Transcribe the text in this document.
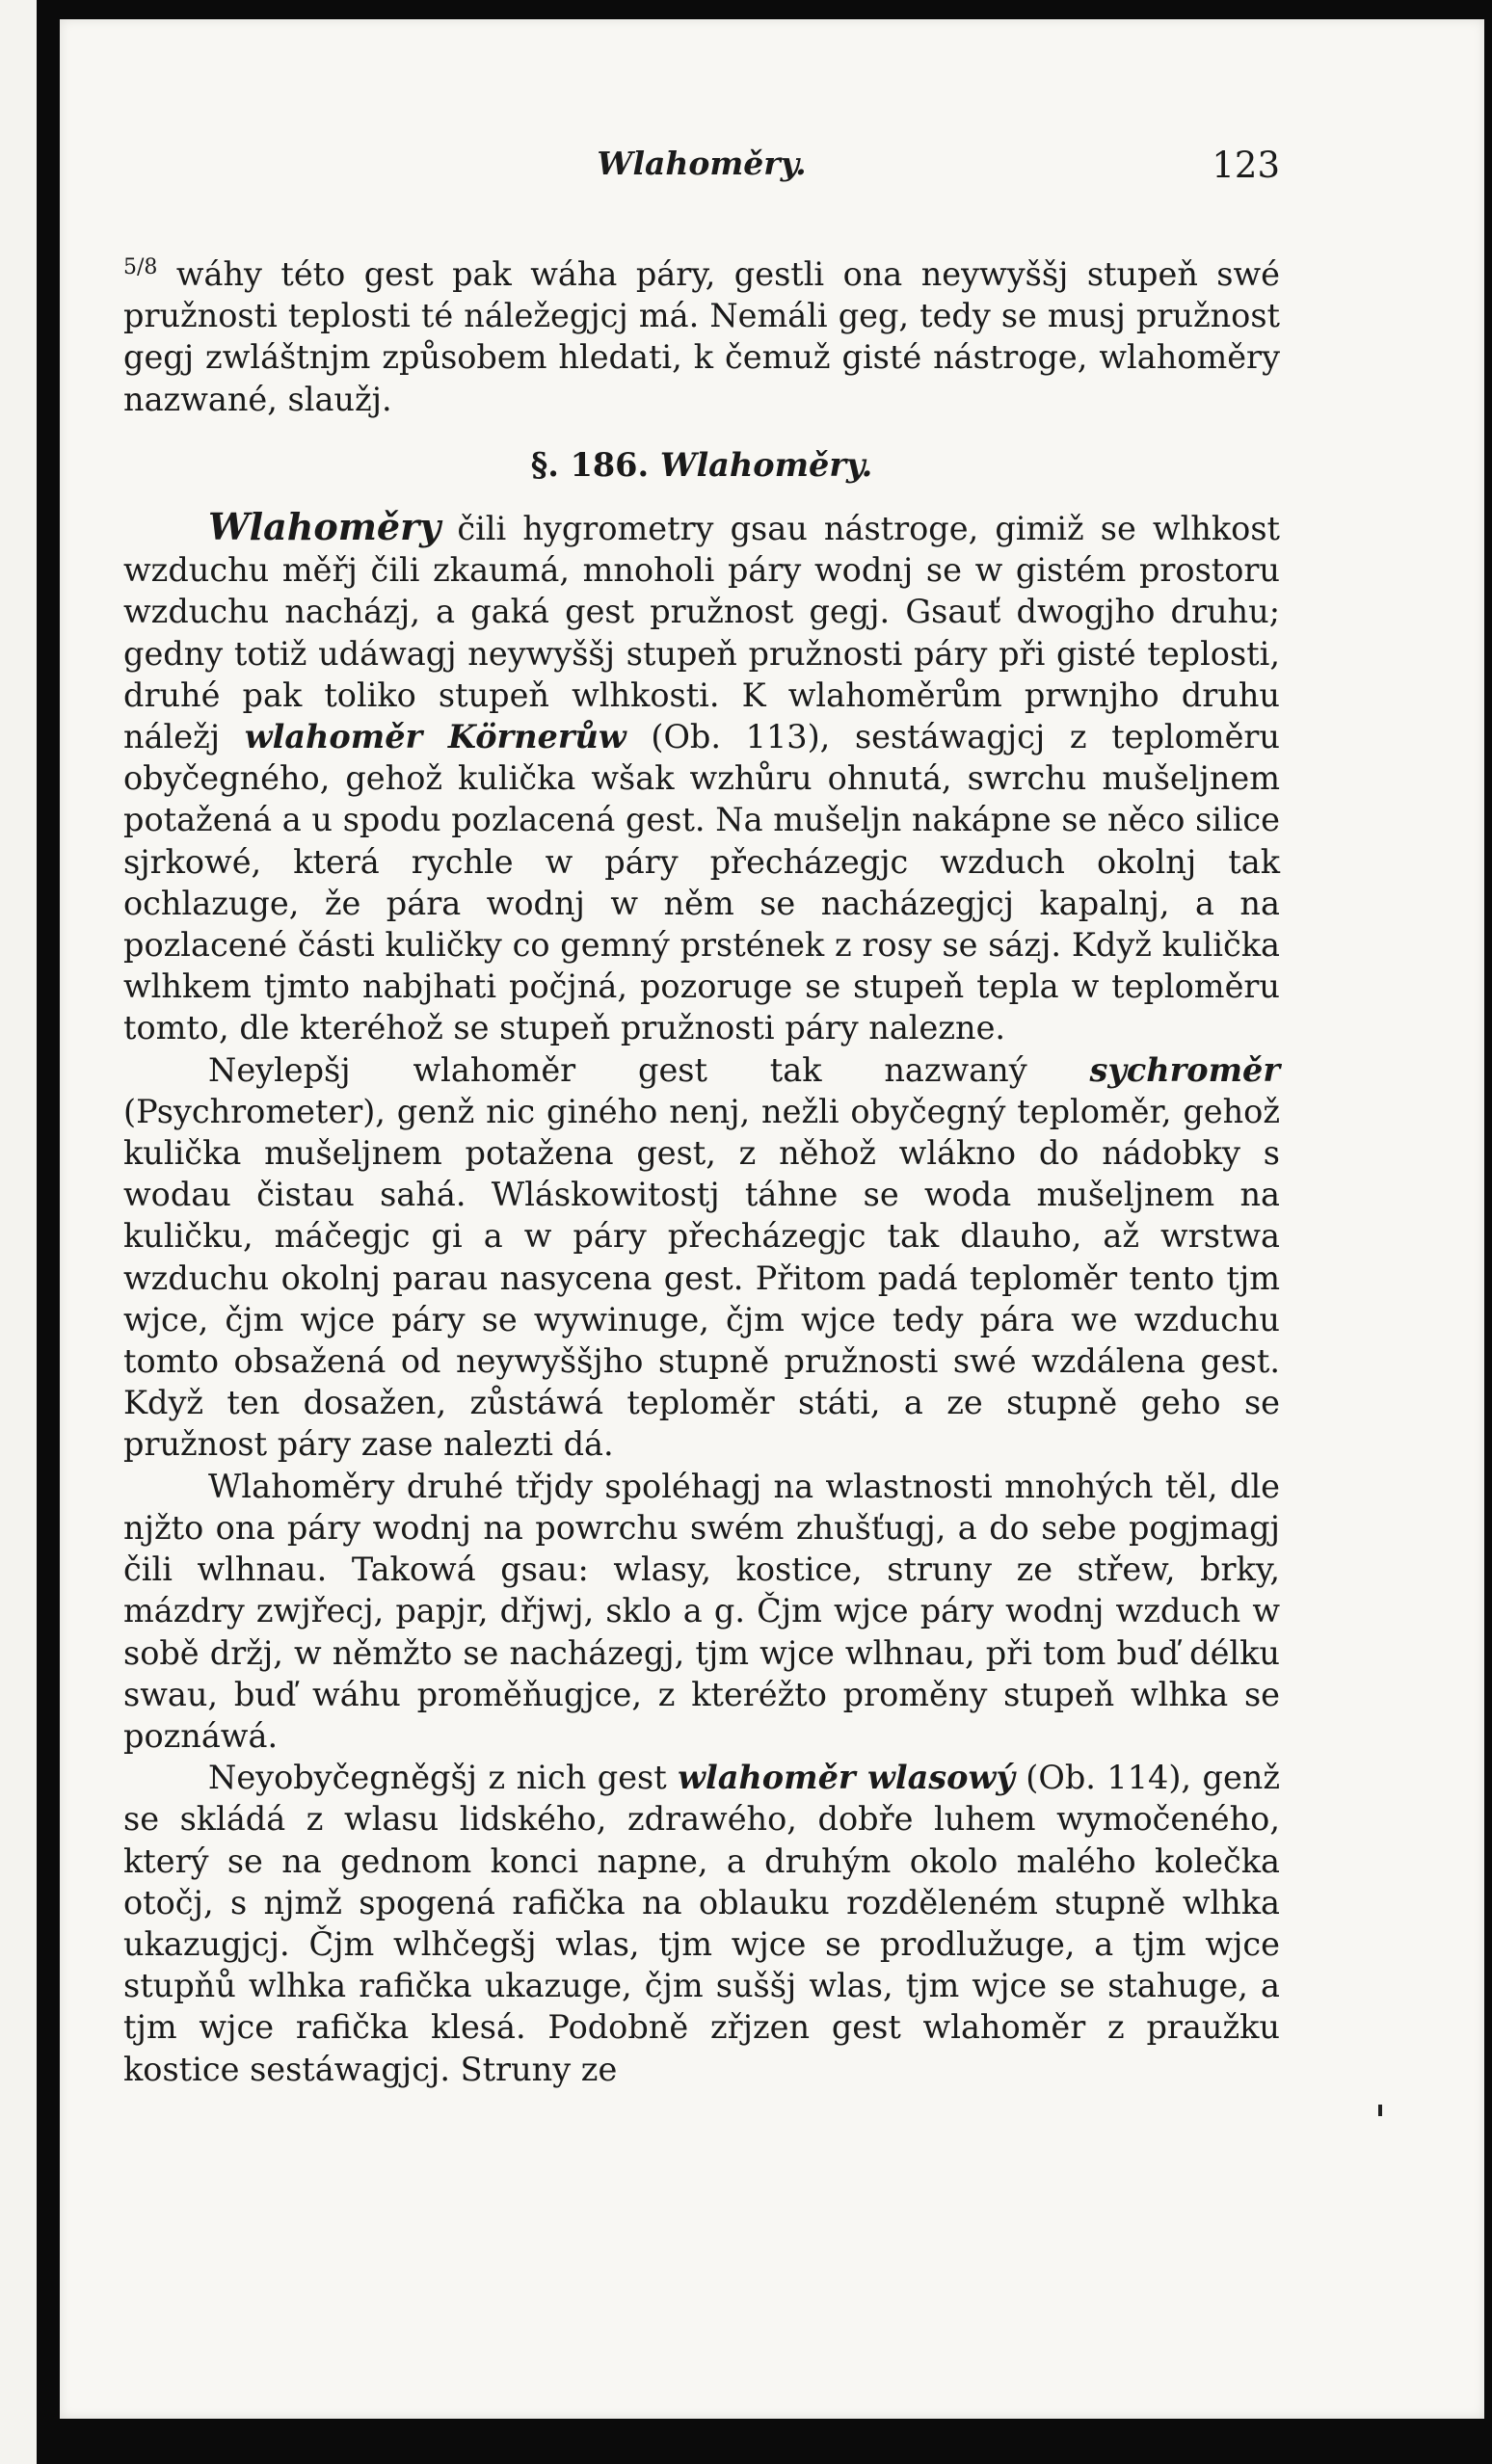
Wlahoměry.	123

$^{5/8}$ wáhy této gest pak wáha páry, gestli ona neywyššj stupeň swé pružnosti teplosti té náležegjcj má. Nemáli geg, tedy se musj pružnost gegj zwláštnjm způsobem hledati, k čemuž gisté nástroge, wlahoměry nazwané, slaužj.

§. 186. Wlahoměry.

Wlahoměry čili hygrometry gsau nástroge, gimiž se wlhkost wzduchu měřj čili zkaumá, mnoholi páry wodnj se w gistém prostoru wzduchu nacházj, a gaká gest pružnost gegj. Gsauť dwogjho druhu; gedny totiž udáwagj neywyššj stupeň pružnosti páry při gisté teplosti, druhé pak toliko stupeň wlhkosti. K wlahoměrům prwnjho druhu náležj wlahoměr Körnerůw (Ob. 113), sestáwagjcj z teploměru obyčegného, gehož kulička wšak wzhůru ohnutá, swrchu mušeljnem potažená a u spodu pozlacená gest. Na mušeljn nakápne se něco silice sjrkowé, která rychle w páry přecházegjc wzduch okolnj tak ochlazuge, že pára wodnj w něm se nacházegjcj kapalnj, a na pozlacené části kuličky co gemný prstének z rosy se sázj. Když kulička wlhkem tjmto nabjhati počjná, pozoruge se stupeň tepla w teploměru tomto, dle kteréhož se stupeň pružnosti páry nalezne.

Neylepšj wlahoměr gest tak nazwaný sychroměr (Psychrometer), genž nic giného nenj, nežli obyčegný teploměr, gehož kulička mušeljnem potažena gest, z něhož wlákno do nádobky s wodau čistau sahá. Wláskowitostj táhne se woda mušeljnem na kuličku, máčegjc gi a w páry přecházegjc tak dlauho, až wrstwa wzduchu okolnj parau nasycena gest. Přitom padá teploměr tento tjm wjce, čjm wjce páry se wywinuge, čjm wjce tedy pára we wzduchu tomto obsažená od neywyššjho stupně pružnosti swé wzdálena gest. Když ten dosažen, zůstáwá teploměr státi, a ze stupně geho se pružnost páry zase nalezti dá.

Wlahoměry druhé třjdy spoléhagj na wlastnosti mnohých těl, dle njžto ona páry wodnj na powrchu swém zhušťugj, a do sebe pogjmagj čili wlhnau. Takowá gsau: wlasy, kostice, struny ze střew, brky, mázdry zwjřecj, papjr, dřjwj, sklo a g. Čjm wjce páry wodnj wzduch w sobě držj, w němžto se nacházegj, tjm wjce wlhnau, při tom buď délku swau, buď wáhu proměňugjce, z kteréžto proměny stupeň wlhka se poznáwá.

Neyobyčegněgšj z nich gest wlahoměr wlasowý (Ob. 114), genž se skládá z wlasu lidského, zdrawého, dobře luhem wymočeného, který se na gednom konci napne, a druhým okolo malého kolečka otočj, s njmž spogená rafička na oblauku rozděleném stupně wlhka ukazugjcj. Čjm wlhčegšj wlas, tjm wjce se prodlužuge, a tjm wjce stupňů wlhka rafička ukazuge, čjm suššj wlas, tjm wjce se stahuge, a tjm wjce rafička klesá. Podobně zřjzen gest wlahoměr z praužku kostice sestáwagjcj. Struny ze
